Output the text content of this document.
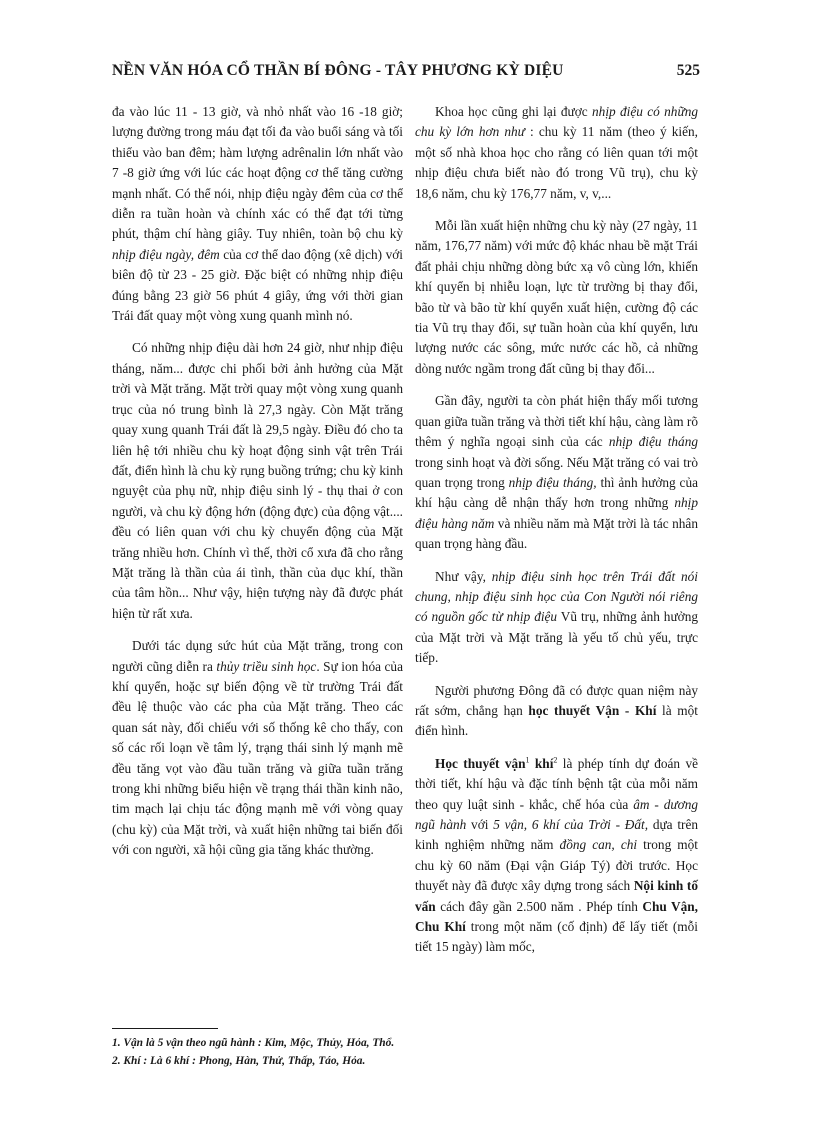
NỀN VĂN HÓA CỔ THẦN BÍ ĐÔNG - TÂY PHƯƠNG KỲ DIỆU	525

đa vào lúc 11 - 13 giờ, và nhỏ nhất vào 16 -18 giờ; lượng đường trong máu đạt tối đa vào buổi sáng và tối thiểu vào ban đêm; hàm lượng adrênalin lớn nhất vào 7 -8 giờ ứng với lúc các hoạt động cơ thể tăng cường mạnh nhất. Có thể nói, nhịp điệu ngày đêm của cơ thể diễn ra tuần hoàn và chính xác có thể đạt tới từng phút, thậm chí hàng giây. Tuy nhiên, toàn bộ chu kỳ nhịp điệu ngày, đêm của cơ thể dao động (xê dịch) với biên độ từ 23 - 25 giờ. Đặc biệt có những nhịp điệu đúng bằng 23 giờ 56 phút 4 giây, ứng với thời gian Trái đất quay một vòng xung quanh mình nó.

Có những nhịp điệu dài hơn 24 giờ, như nhịp điệu tháng, năm... được chi phối bởi ảnh hưởng của Mặt trời và Mặt trăng. Mặt trời quay một vòng xung quanh trục của nó trung bình là 27,3 ngày. Còn Mặt trăng quay xung quanh Trái đất là 29,5 ngày. Điều đó cho ta liên hệ tới nhiều chu kỳ hoạt động sinh vật trên Trái đất, điển hình là chu kỳ rụng buồng trứng; chu kỳ kinh nguyệt của phụ nữ, nhịp điệu sinh lý - thụ thai ở con người, và chu kỳ động hớn (động đực) của động vật.... đều có liên quan với chu kỳ chuyển động của Mặt trăng nhiều hơn. Chính vì thế, thời cổ xưa đã cho rằng Mặt trăng là thần của ái tình, thần của dục khí, thần của tâm hồn... Như vậy, hiện tượng này đã được phát hiện từ rất xưa.

Dưới tác dụng sức hút của Mặt trăng, trong con người cũng diễn ra thủy triều sinh học. Sự ion hóa của khí quyển, hoặc sự biến động về từ trường Trái đất đều lệ thuộc vào các pha của Mặt trăng. Theo các quan sát này, đối chiếu với số thống kê cho thấy, con số các rối loạn về tâm lý, trạng thái sinh lý mạnh mẽ đều tăng vọt vào đầu tuần trăng và giữa tuần trăng trong khi những biểu hiện về trạng thái thần kinh não, tim mạch lại chịu tác động mạnh mẽ với vòng quay (chu kỳ) của Mặt trời, và xuất hiện những tai biến đối với con người, xã hội cũng gia tăng khác thường.

Khoa học cũng ghi lại được nhịp điệu có những chu kỳ lớn hơn như : chu kỳ 11 năm (theo ý kiến, một số nhà khoa học cho rằng có liên quan tới một nhịp điệu chưa biết nào đó trong Vũ trụ), chu kỳ 18,6 năm, chu kỳ 176,77 năm, v, v,...

Mỗi lần xuất hiện những chu kỳ này (27 ngày, 11 năm, 176,77 năm) với mức độ khác nhau bề mặt Trái đất phải chịu những dòng bức xạ vô cùng lớn, khiến khí quyển bị nhiễu loạn, lực từ trường bị thay đổi, bão từ và bão từ khí quyển xuất hiện, cường độ các tia Vũ trụ thay đổi, sự tuần hoàn của khí quyển, lưu lượng nước các sông, mức nước các hồ, cả những dòng nước ngầm trong đất cũng bị thay đổi...

Gần đây, người ta còn phát hiện thấy mối tương quan giữa tuần trăng và thời tiết khí hậu, càng làm rõ thêm ý nghĩa ngoại sinh của các nhịp điệu tháng trong sinh hoạt và đời sống. Nếu Mặt trăng có vai trò quan trọng trong nhịp điệu tháng, thì ảnh hưởng của khí hậu càng dễ nhận thấy hơn trong những nhịp điệu hàng năm và nhiều năm mà Mặt trời là tác nhân quan trọng hàng đầu.

Như vậy, nhịp điệu sinh học trên Trái đất nói chung, nhịp điệu sinh học của Con Người nói riêng có nguồn gốc từ nhịp điệu Vũ trụ, những ảnh hưởng của Mặt trời và Mặt trăng là yếu tố chủ yếu, trực tiếp.

Người phương Đông đã có được quan niệm này rất sớm, chẳng hạn học thuyết Vận - Khí là một điển hình.

Học thuyết vận$^1$ khí$^2$ là phép tính dự đoán về thời tiết, khí hậu và đặc tính bệnh tật của mỗi năm theo quy luật sinh - khắc, chế hóa của âm - dương ngũ hành với 5 vận, 6 khí của Trời - Đất, dựa trên kinh nghiệm những năm đồng can, chi trong một chu kỳ 60 năm (Đại vận Giáp Tý) đời trước. Học thuyết này đã được xây dựng trong sách Nội kinh tố vấn cách đây gần 2.500 năm . Phép tính Chu Vận, Chu Khí trong một năm (cố định) để lấy tiết (mỗi tiết 15 ngày) làm mốc,

1. Vận là 5 vận theo ngũ hành : Kim, Mộc, Thủy, Hỏa, Thổ.
2. Khí : Là 6 khí : Phong, Hàn, Thử, Thấp, Táo, Hỏa.
